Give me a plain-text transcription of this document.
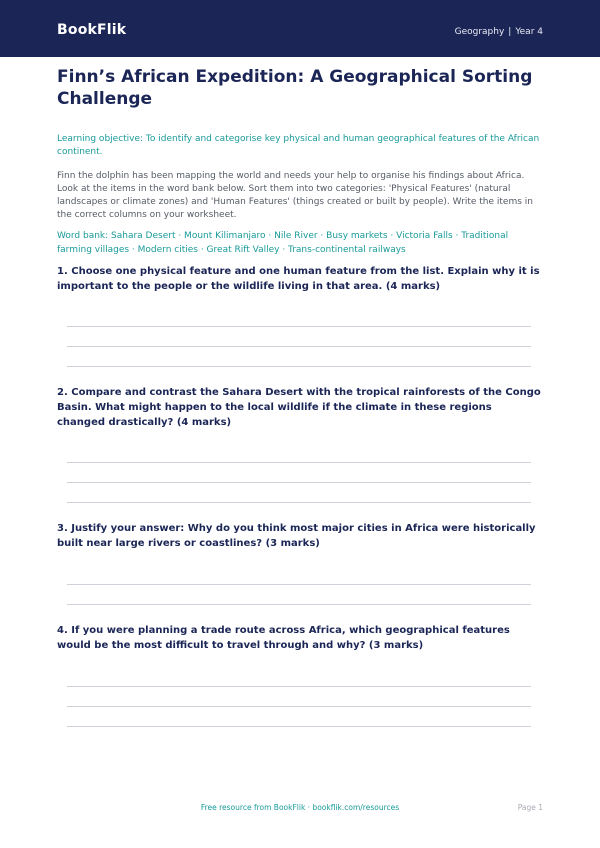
BookFlik	Geography | Year 4
Finn’s African Expedition: A Geographical Sorting Challenge
Learning objective: To identify and categorise key physical and human geographical features of the African continent.
Finn the dolphin has been mapping the world and needs your help to organise his findings about Africa. Look at the items in the word bank below. Sort them into two categories: 'Physical Features' (natural landscapes or climate zones) and 'Human Features' (things created or built by people). Write the items in the correct columns on your worksheet.
Word bank: Sahara Desert · Mount Kilimanjaro · Nile River · Busy markets · Victoria Falls · Traditional farming villages · Modern cities · Great Rift Valley · Trans-continental railways
1. Choose one physical feature and one human feature from the list. Explain why it is important to the people or the wildlife living in that area. (4 marks)
2. Compare and contrast the Sahara Desert with the tropical rainforests of the Congo Basin. What might happen to the local wildlife if the climate in these regions changed drastically? (4 marks)
3. Justify your answer: Why do you think most major cities in Africa were historically built near large rivers or coastlines? (3 marks)
4. If you were planning a trade route across Africa, which geographical features would be the most difficult to travel through and why? (3 marks)
Free resource from BookFlik · bookflik.com/resources	Page 1
